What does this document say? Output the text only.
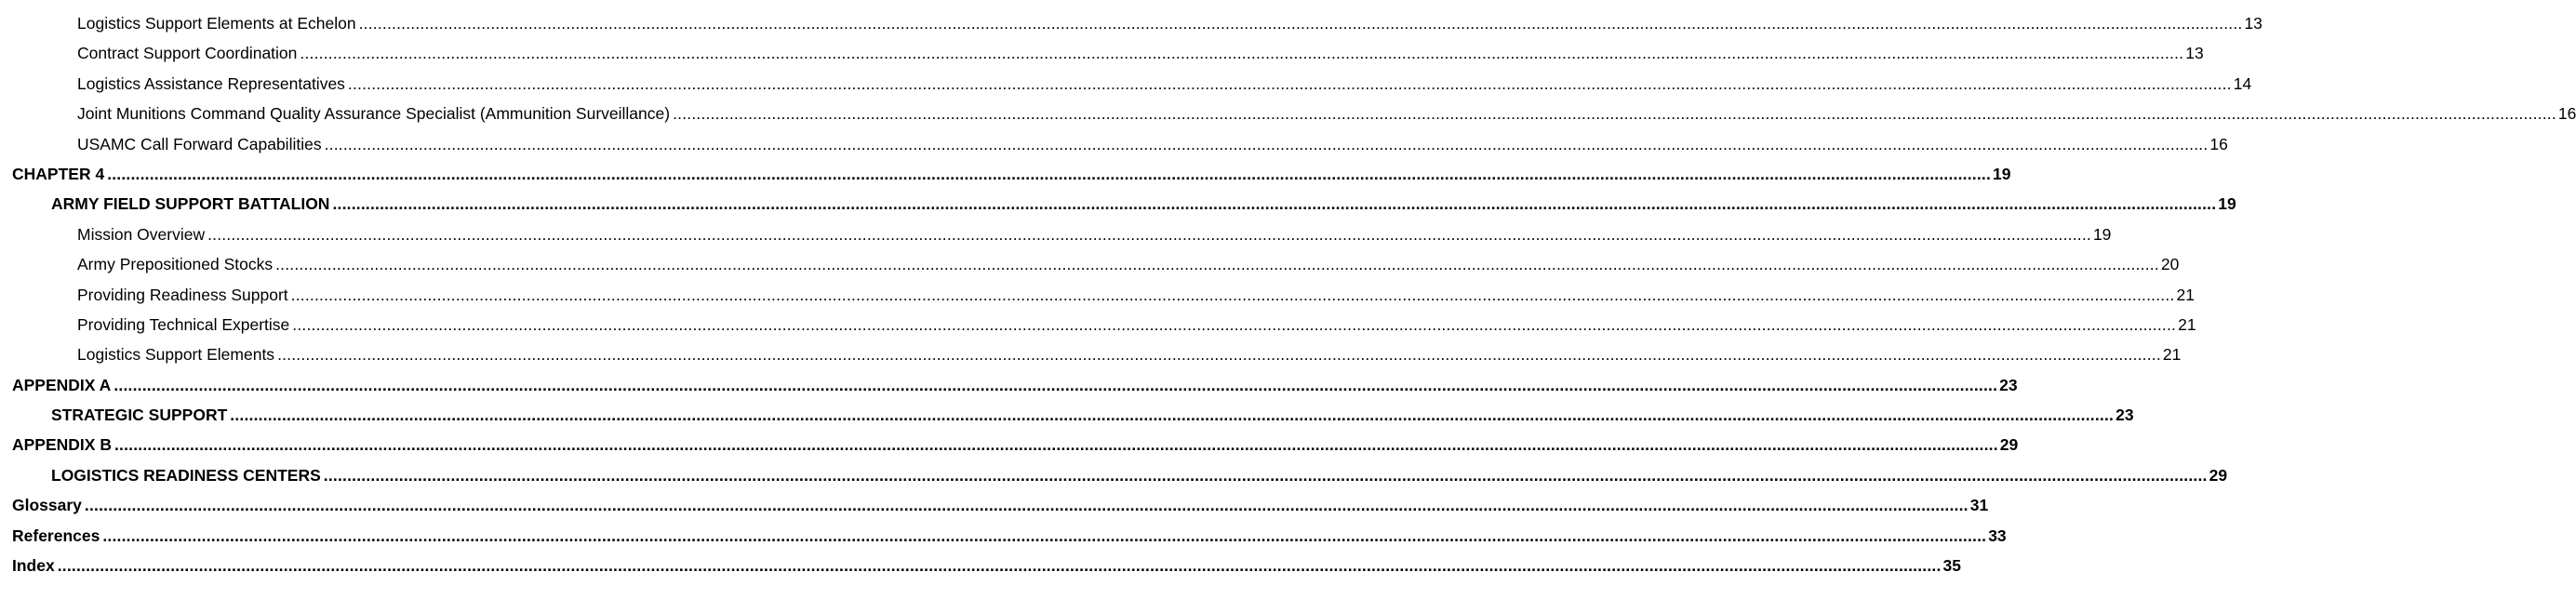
Logistics Support Elements at Echelon ................................................................................................................................................................................................................................................................................................................................................................................................................ 13
Contract Support Coordination ................................................................................................................................................................................................................................................................................................................................................................................................................ 13
Logistics Assistance Representatives ................................................................................................................................................................................................................................................................................................................................................................................................................ 14
Joint Munitions Command Quality Assurance Specialist (Ammunition Surveillance) ................................................................................................................................................................................................................................................................................................................................................................................................................ 16
USAMC Call Forward Capabilities ................................................................................................................................................................................................................................................................................................................................................................................................................ 16
CHAPTER 4 ................................................................................................................................................................................................................................................................................................................................................................................................................ 19
ARMY FIELD SUPPORT BATTALION ................................................................................................................................................................................................................................................................................................................................................................................................................ 19
Mission Overview ................................................................................................................................................................................................................................................................................................................................................................................................................ 19
Army Prepositioned Stocks ................................................................................................................................................................................................................................................................................................................................................................................................................ 20
Providing Readiness Support ................................................................................................................................................................................................................................................................................................................................................................................................................ 21
Providing Technical Expertise ................................................................................................................................................................................................................................................................................................................................................................................................................ 21
Logistics Support Elements ................................................................................................................................................................................................................................................................................................................................................................................................................ 21
APPENDIX A ................................................................................................................................................................................................................................................................................................................................................................................................................ 23
STRATEGIC SUPPORT ................................................................................................................................................................................................................................................................................................................................................................................................................ 23
APPENDIX B ................................................................................................................................................................................................................................................................................................................................................................................................................ 29
LOGISTICS READINESS CENTERS ................................................................................................................................................................................................................................................................................................................................................................................................................ 29
Glossary ................................................................................................................................................................................................................................................................................................................................................................................................................ 31
References ................................................................................................................................................................................................................................................................................................................................................................................................................ 33
Index ................................................................................................................................................................................................................................................................................................................................................................................................................ 35
